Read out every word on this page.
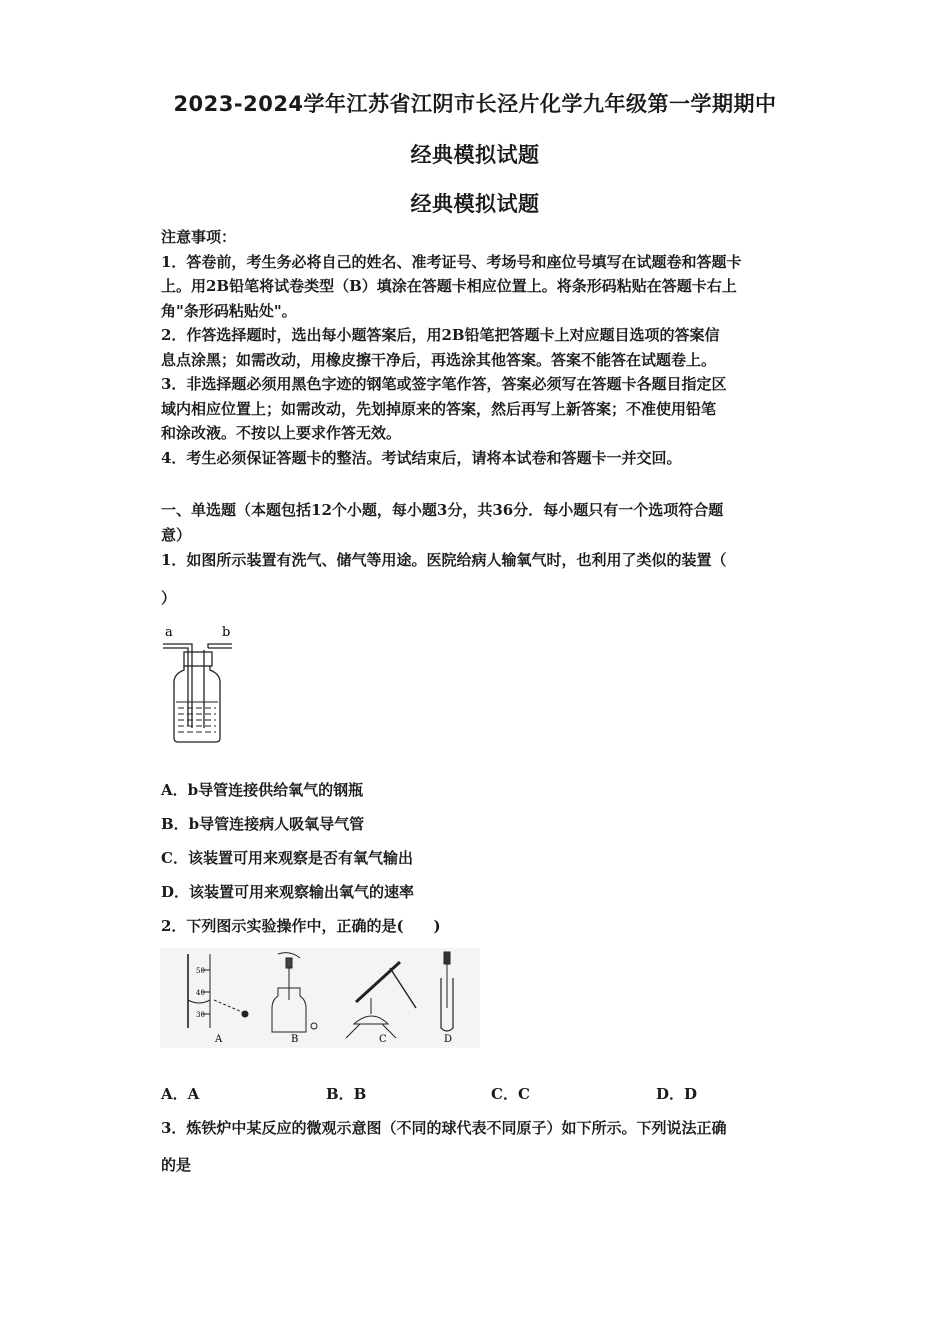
2023-2024学年江苏省江阴市长泾片化学九年级第一学期期中
经典模拟试题
经典模拟试题
注意事项：
1．答卷前，考生务必将自己的姓名、准考证号、考场号和座位号填写在试题卷和答题卡
上。用2B铅笔将试卷类型（B）填涂在答题卡相应位置上。将条形码粘贴在答题卡右上
角"条形码粘贴处"。
2．作答选择题时，选出每小题答案后，用2B铅笔把答题卡上对应题目选项的答案信
息点涂黑；如需改动，用橡皮擦干净后，再选涂其他答案。答案不能答在试题卷上。
3．非选择题必须用黑色字迹的钢笔或签字笔作答，答案必须写在答题卡各题目指定区
域内相应位置上；如需改动，先划掉原来的答案，然后再写上新答案；不准使用铅笔
和涂改液。不按以上要求作答无效。
4．考生必须保证答题卡的整洁。考试结束后，请将本试卷和答题卡一并交回。
一、单选题（本题包括12个小题，每小题3分，共36分．每小题只有一个选项符合题
意）
1．如图所示装置有洗气、储气等用途。医院给病人输氧气时，也利用了类似的装置（
）
a	b
A．b导管连接供给氧气的钢瓶
B．b导管连接病人吸氧导气管
C．该装置可用来观察是否有氧气输出
D．该装置可用来观察输出氧气的速率
2．下列图示实验操作中，正确的是(　　)
50
40
30
A	B	C	D
A．A	B．B	C．C	D．D
3．炼铁炉中某反应的微观示意图（不同的球代表不同原子）如下所示。下列说法正确
的是
